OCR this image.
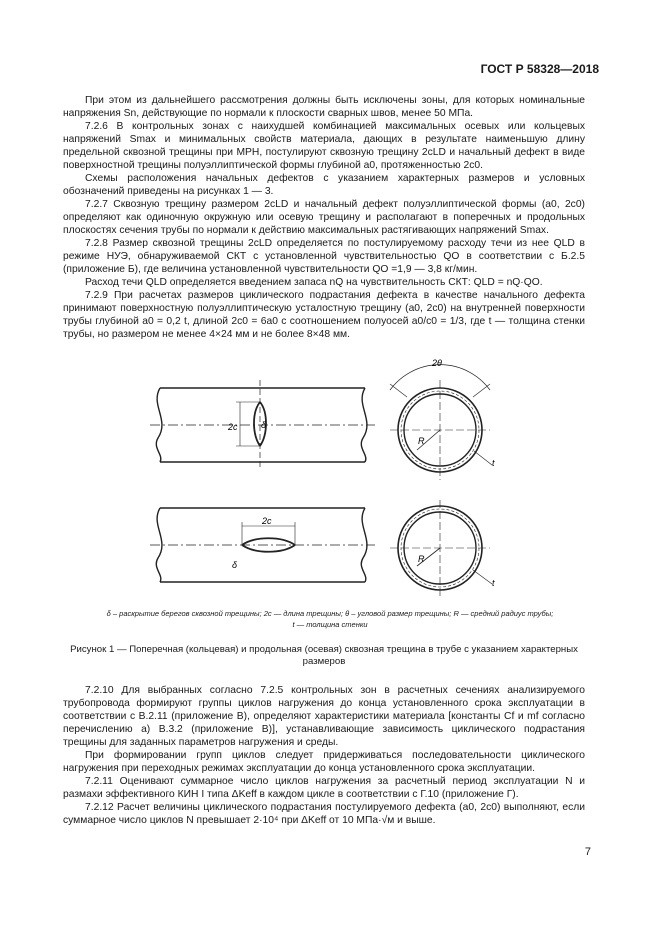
ГОСТ Р 58328—2018

При этом из дальнейшего рассмотрения должны быть исключены зоны, для которых номинальные напряжения Sn, действующие по нормали к плоскости сварных швов, менее 50 МПа.

7.2.6 В контрольных зонах с наихудшей комбинацией максимальных осевых или кольцевых напряжений Smax и минимальных свойств материала, дающих в результате наименьшую длину предельной сквозной трещины при МРН, постулируют сквозную трещину 2cLD и начальный дефект в виде поверхностной трещины полуэллиптической формы глубиной a0, протяженностью 2c0.

Схемы расположения начальных дефектов с указанием характерных размеров и условных обозначений приведены на рисунках 1 — 3.

7.2.7 Сквозную трещину размером 2cLD и начальный дефект полуэллиптической формы (a0, 2c0) определяют как одиночную окружную или осевую трещину и располагают в поперечных и продольных плоскостях сечения трубы по нормали к действию максимальных растягивающих напряжений Smax.

7.2.8 Размер сквозной трещины 2cLD определяется по постулируемому расходу течи из нее QLD в режиме НУЭ, обнаруживаемой СКТ с установленной чувствительностью QO в соответствии с Б.2.5 (приложение Б), где величина установленной чувствительности QO =1,9 — 3,8 кг/мин.

Расход течи QLD определяется введением запаса nQ на чувствительность СКТ: QLD = nQ·QO.

7.2.9 При расчетах размеров циклического подрастания дефекта в качестве начального дефекта принимают поверхностную полуэллиптическую усталостную трещину (a0, 2c0) на внутренней поверхности трубы глубиной a0 = 0,2 t, длиной 2c0 = 6a0 с соотношением полуосей a0/c0 = 1/3, где t — толщина стенки трубы, но размером не менее 4×24 мм и не более 8×48 мм.

2c	δ
2θ
R
t
2c
δ
R
t
δ – раскрытие берегов сквозной трещины; 2c — длина трещины; θ – угловой размер трещины; R — средний радиус трубы;
t — толщина стенки
Рисунок 1 — Поперечная (кольцевая) и продольная (осевая) сквозная трещина в трубе с указанием характерных размеров

7.2.10 Для выбранных согласно 7.2.5 контрольных зон в расчетных сечениях анализируемого трубопровода формируют группы циклов нагружения до конца установленного срока эксплуатации в соответствии с В.2.11 (приложение В), определяют характеристики материала [константы Cf и mf согласно перечислению а) В.3.2 (приложение В)], устанавливающие зависимость циклического подрастания трещины для заданных параметров нагружения и среды.

При формировании групп циклов следует придерживаться последовательности циклического нагружения при переходных режимах эксплуатации до конца установленного срока эксплуатации.

7.2.11 Оценивают суммарное число циклов нагружения за расчетный период эксплуатации N и размахи эффективного КИН I типа ΔKeff в каждом цикле в соответствии с Г.10 (приложение Г).

7.2.12 Расчет величины циклического подрастания постулируемого дефекта (a0, 2c0) выполняют, если суммарное число циклов N превышает 2·10⁴ при ΔKeff от 10 МПа·√м и выше.

7
